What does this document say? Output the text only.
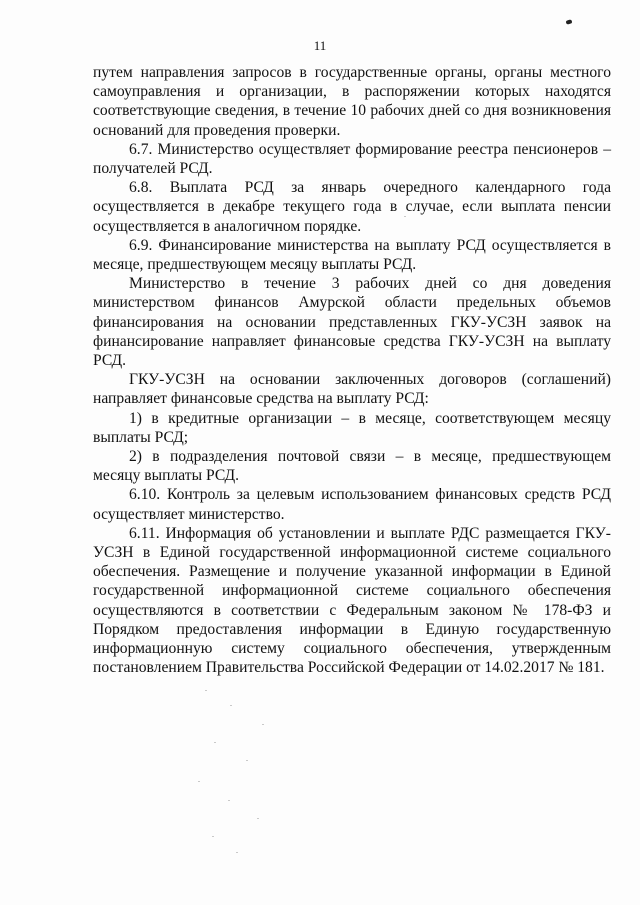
11

путем направления запросов в государственные органы, органы местного самоуправления и организации, в распоряжении которых находятся соответствующие сведения, в течение 10 рабочих дней со дня возникновения оснований для проведения проверки.

6.7. Министерство осуществляет формирование реестра пенсионеров – получателей РСД.

6.8. Выплата РСД за январь очередного календарного года осуществляется в декабре текущего года в случае, если выплата пенсии осуществляется в аналогичном порядке.

6.9. Финансирование министерства на выплату РСД осуществляется в месяце, предшествующем месяцу выплаты РСД.

Министерство в течение 3 рабочих дней со дня доведения министерством финансов Амурской области предельных объемов финансирования на основании представленных ГКУ-УСЗН заявок на финансирование направляет финансовые средства ГКУ-УСЗН на выплату РСД.

ГКУ-УСЗН на основании заключенных договоров (соглашений) направляет финансовые средства на выплату РСД:

1) в кредитные организации – в месяце, соответствующем месяцу выплаты РСД;

2) в подразделения почтовой связи – в месяце, предшествующем месяцу выплаты РСД.

6.10. Контроль за целевым использованием финансовых средств РСД осуществляет министерство.

6.11. Информация об установлении и выплате РДС размещается ГКУ-УСЗН в Единой государственной информационной системе социального обеспечения. Размещение и получение указанной информации в Единой государственной информационной системе социального обеспечения осуществляются в соответствии с Федеральным законом № 178-ФЗ и Порядком предоставления информации в Единую государственную информационную систему социального обеспечения, утвержденным постановлением Правительства Российской Федерации от 14.02.2017 № 181.
